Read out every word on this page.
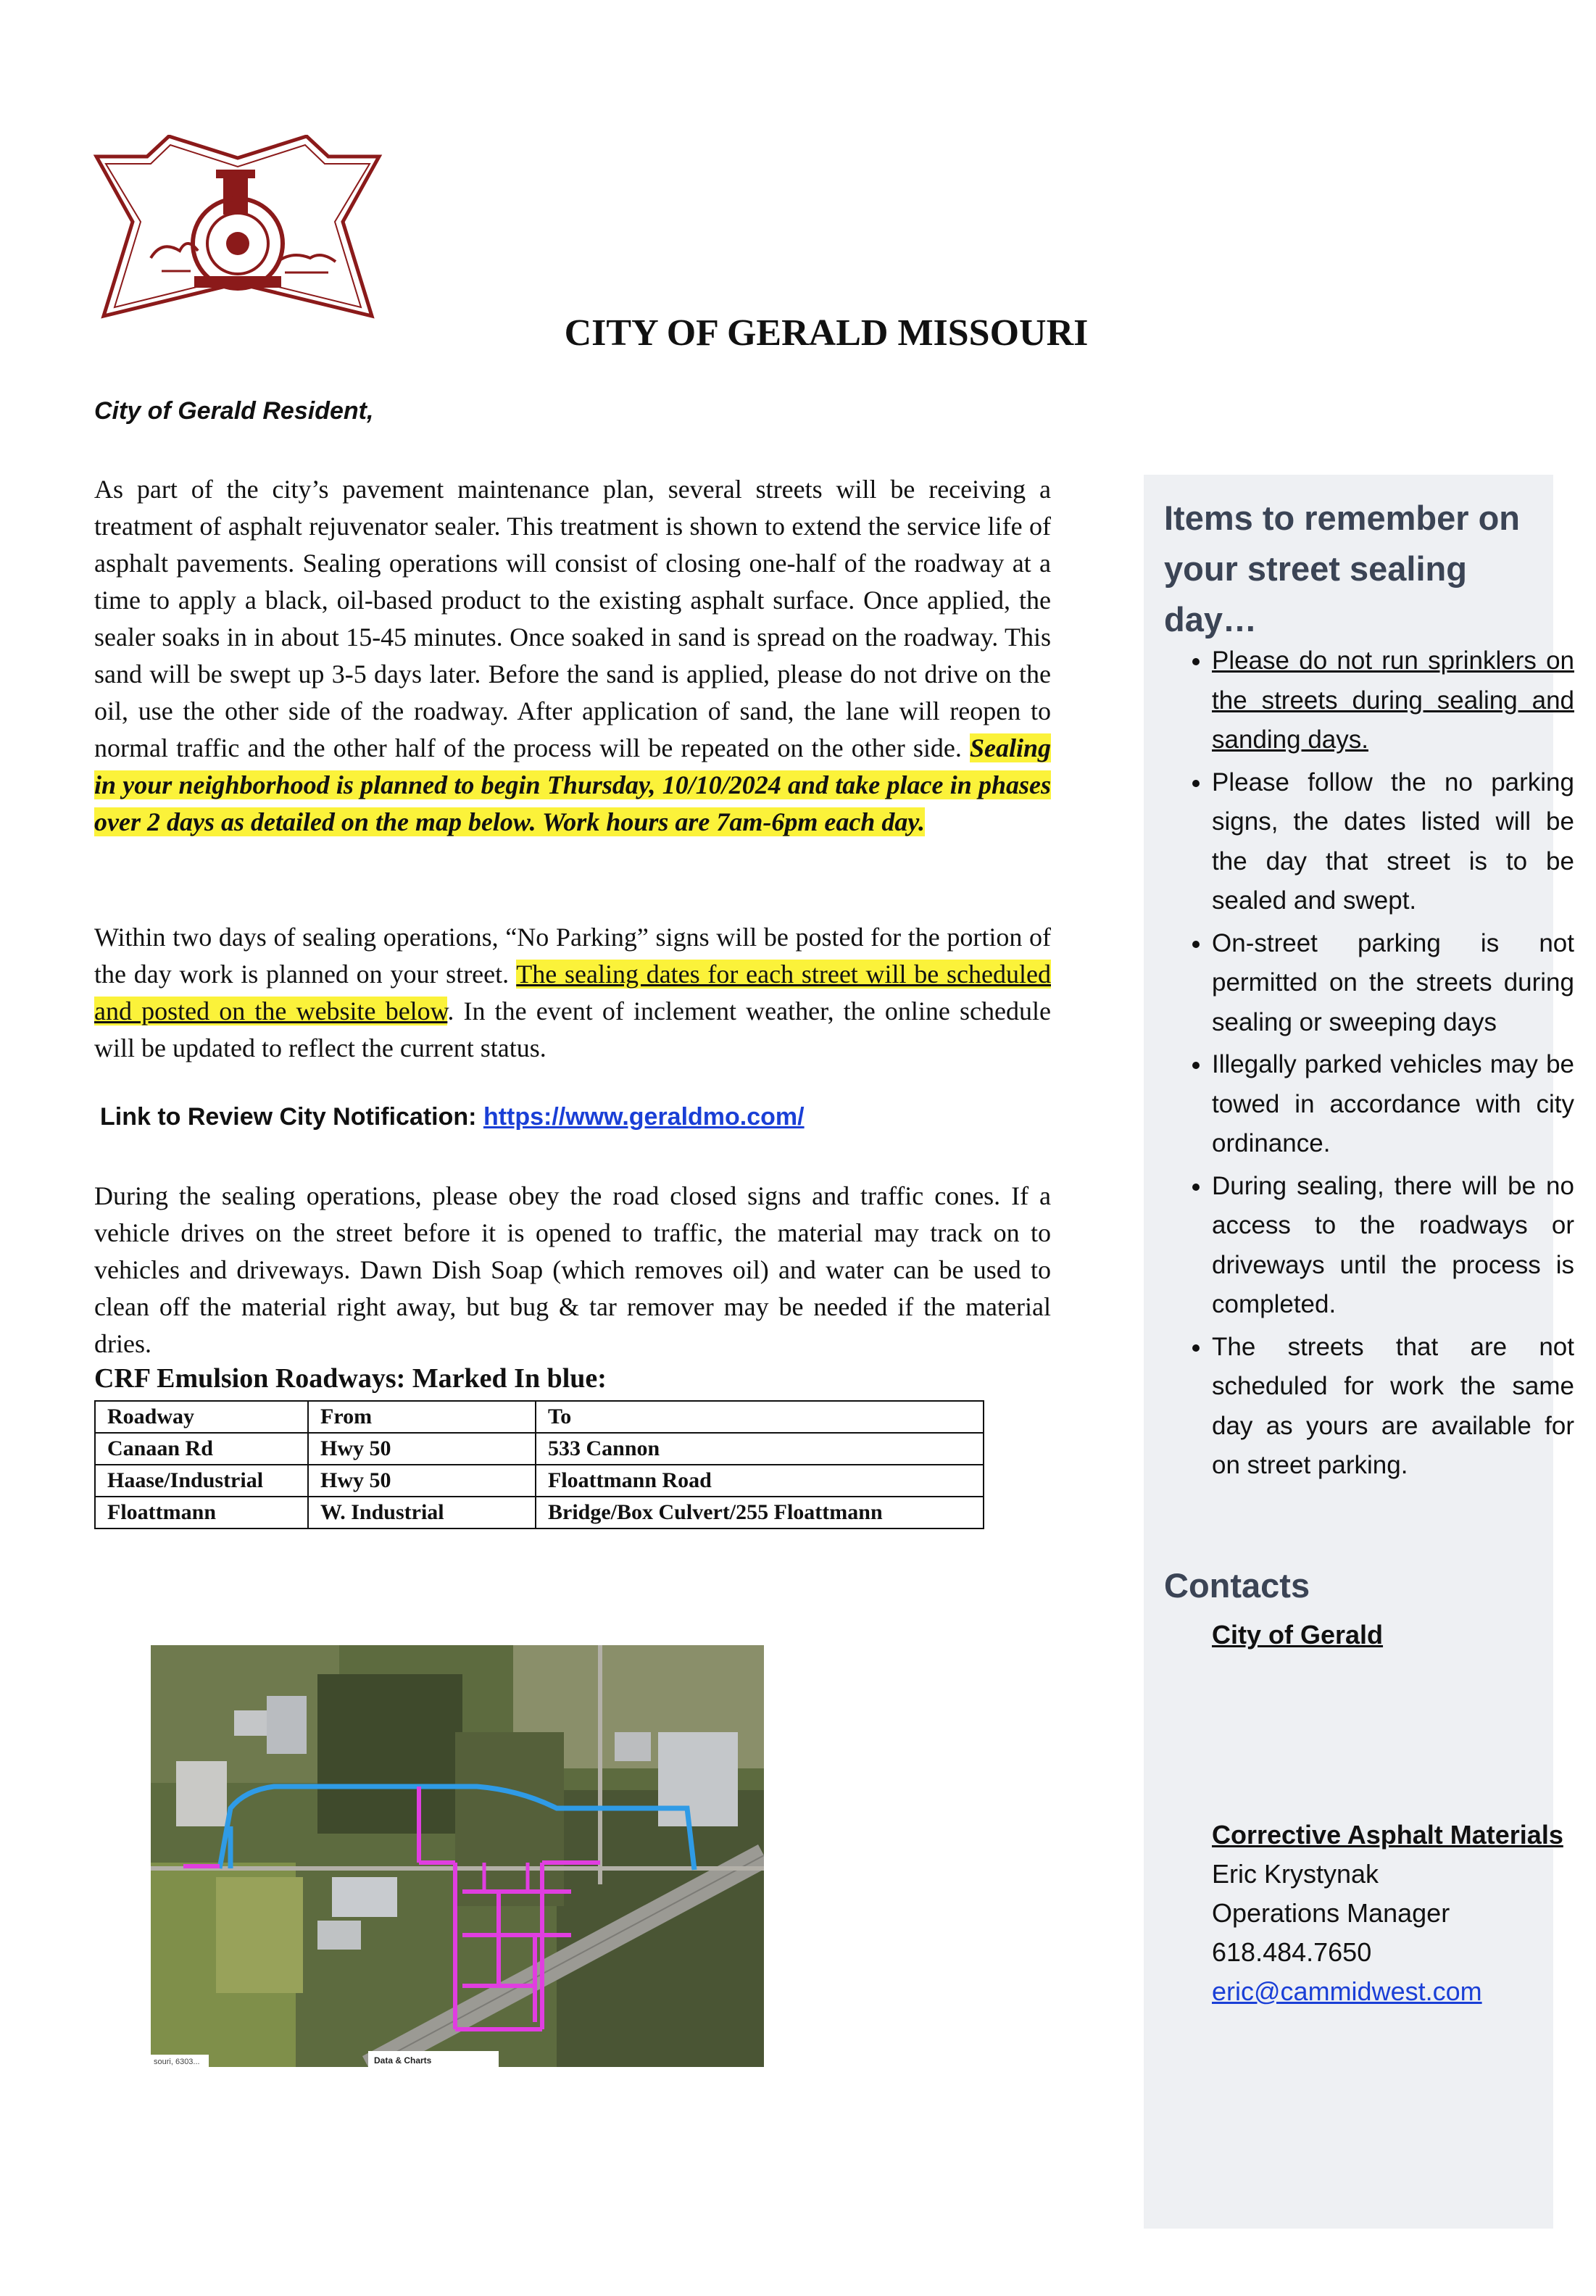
CITY OF GERALD MISSOURI
City of Gerald Resident,
As part of the city’s pavement maintenance plan, several streets will be receiving a treatment of asphalt rejuvenator sealer. This treatment is shown to extend the service life of asphalt pavements. Sealing operations will consist of closing one-half of the roadway at a time to apply a black, oil-based product to the existing asphalt surface. Once applied, the sealer soaks in in about 15-45 minutes. Once soaked in sand is spread on the roadway. This sand will be swept up 3-5 days later. Before the sand is applied, please do not drive on the oil, use the other side of the roadway. After application of sand, the lane will reopen to normal traffic and the other half of the process will be repeated on the other side. Sealing in your neighborhood is planned to begin Thursday, 10/10/2024 and take place in phases over 2 days as detailed on the map below. Work hours are 7am-6pm each day.
Within two days of sealing operations, “No Parking” signs will be posted for the portion of the day work is planned on your street. The sealing dates for each street will be scheduled and posted on the website below. In the event of inclement weather, the online schedule will be updated to reflect the current status.
Link to Review City Notification: https://www.geraldmo.com/
During the sealing operations, please obey the road closed signs and traffic cones. If a vehicle drives on the street before it is opened to traffic, the material may track on to vehicles and driveways. Dawn Dish Soap (which removes oil) and water can be used to clean off the material right away, but bug & tar remover may be needed if the material dries.
CRF Emulsion Roadways: Marked In blue:
Roadway	From	To
Canaan Rd	Hwy 50	533 Cannon
Haase/Industrial	Hwy 50	Floattmann Road
Floattmann	W. Industrial	Bridge/Box Culvert/255 Floattmann
Data & Charts
souri, 6303...
Items to remember on your street sealing day…
• Please do not run sprinklers on the streets during sealing and sanding days.
• Please follow the no parking signs, the dates listed will be the day that street is to be sealed and swept.
• On-street parking is not permitted on the streets during sealing or sweeping days
• Illegally parked vehicles may be towed in accordance with city ordinance.
• During sealing, there will be no access to the roadways or driveways until the process is completed.
• The streets that are not scheduled for work the same day as yours are available for on street parking.
Contacts
City of Gerald
Corrective Asphalt Materials
Eric Krystynak
Operations Manager
618.484.7650
eric@cammidwest.com
